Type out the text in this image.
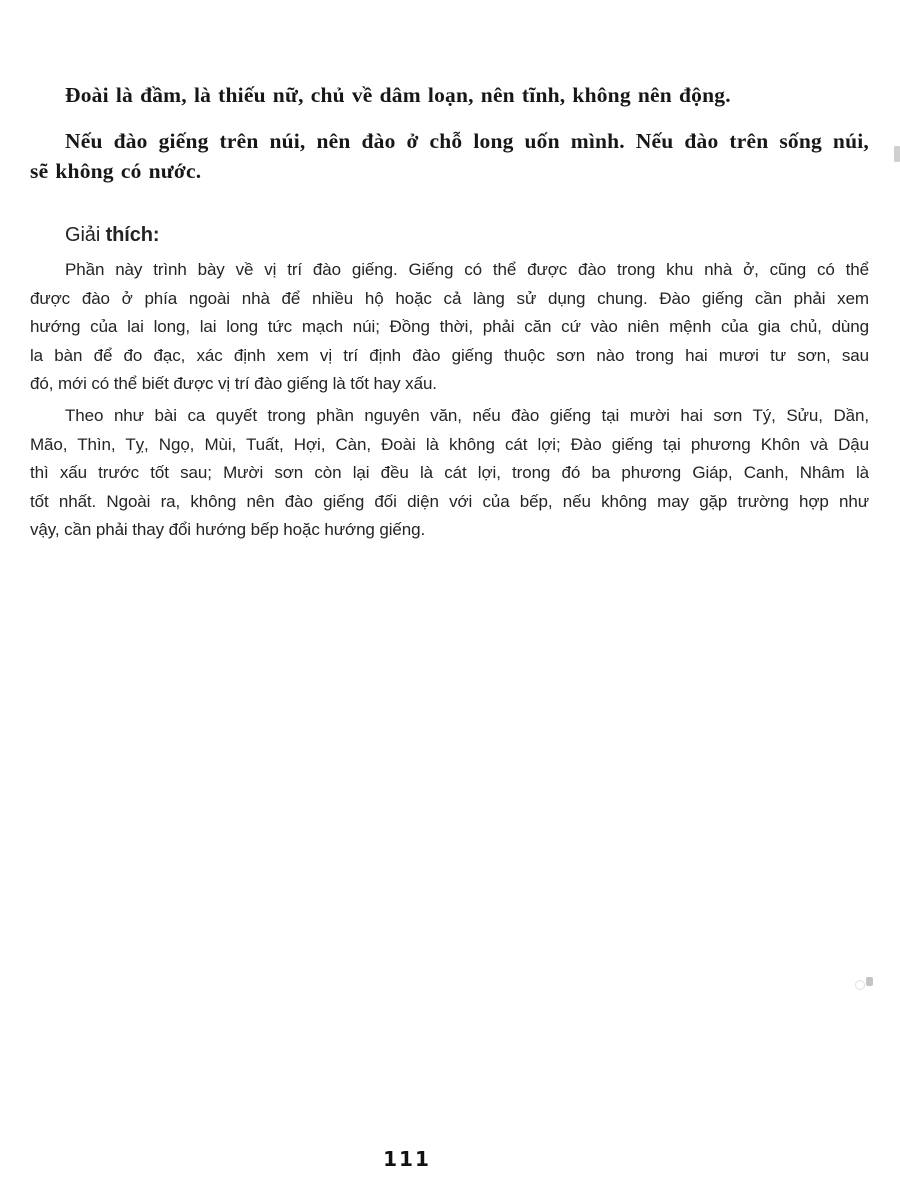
Đoài là đầm, là thiếu nữ, chủ về dâm loạn, nên tĩnh, không nên động.
Nếu đào giếng trên núi, nên đào ở chỗ long uốn mình. Nếu đào trên sống núi,
sẽ không có nước.
Giải thích:
Phần này trình bày về vị trí đào giếng. Giếng có thể được đào trong khu nhà ở, cũng có thể
được đào ở phía ngoài nhà để nhiều hộ hoặc cả làng sử dụng chung. Đào giếng cần phải xem
hướng của lai long, lai long tức mạch núi; Đồng thời, phải căn cứ vào niên mệnh của gia chủ, dùng
la bàn để đo đạc, xác định xem vị trí định đào giếng thuộc sơn nào trong hai mươi tư sơn, sau
đó, mới có thể biết được vị trí đào giếng là tốt hay xấu.
Theo như bài ca quyết trong phần nguyên văn, nếu đào giếng tại mười hai sơn Tý, Sửu, Dần,
Mão, Thìn, Tỵ, Ngọ, Mùi, Tuất, Hợi, Càn, Đoài là không cát lợi; Đào giếng tại phương Khôn và Dậu
thì xấu trước tốt sau; Mười sơn còn lại đều là cát lợi, trong đó ba phương Giáp, Canh, Nhâm là
tốt nhất. Ngoài ra, không nên đào giếng đối diện với của bếp, nếu không may gặp trường hợp như
vậy, cần phải thay đổi hướng bếp hoặc hướng giếng.
111
